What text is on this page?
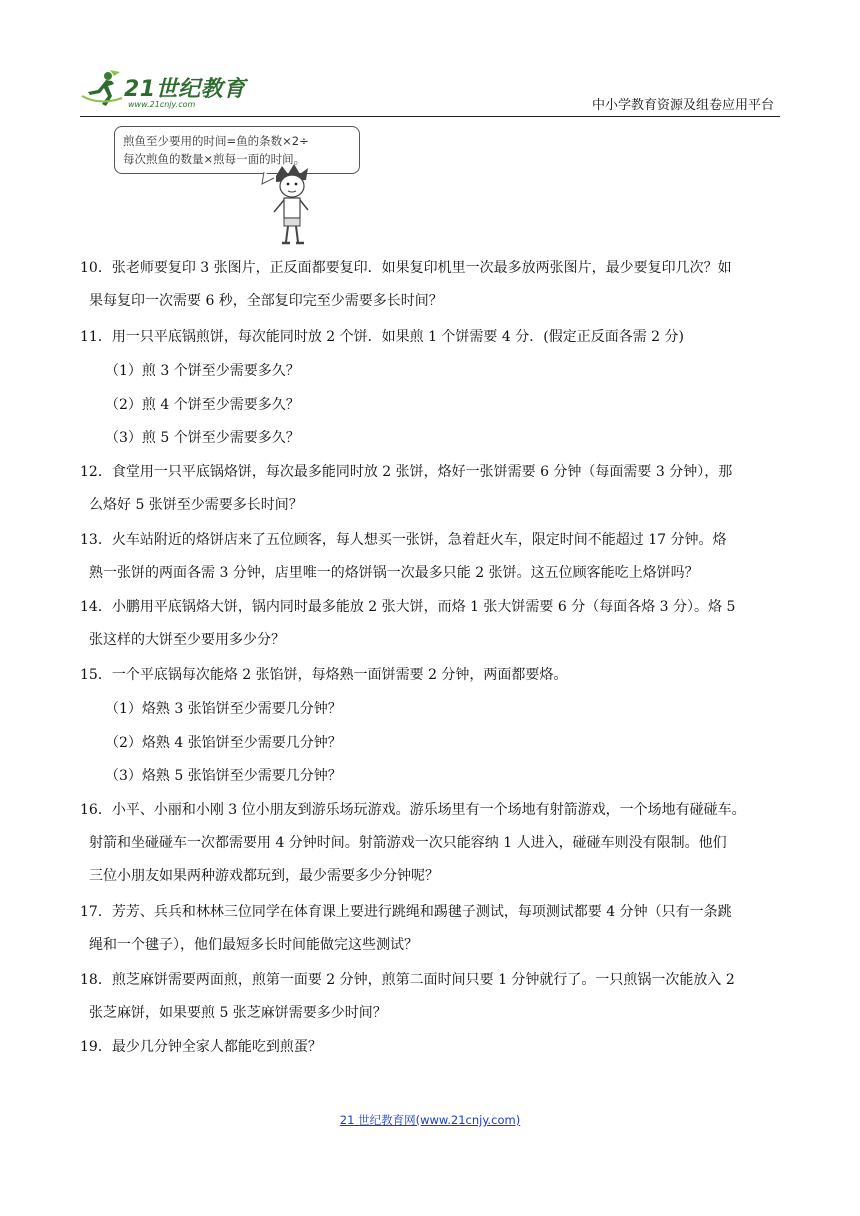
21世纪教育
www.21cnjy.com	中小学教育资源及组卷应用平台
煎鱼至少要用的时间=鱼的条数×2÷
每次煎鱼的数量×煎每一面的时间。
10．张老师要复印 3 张图片，正反面都要复印．如果复印机里一次最多放两张图片，最少要复印几次？如
果每复印一次需要 6 秒，全部复印完至少需要多长时间？
11．用一只平底锅煎饼，每次能同时放 2 个饼．如果煎 1 个饼需要 4 分．(假定正反面各需 2 分)
（1）煎 3 个饼至少需要多久？
（2）煎 4 个饼至少需要多久？
（3）煎 5 个饼至少需要多久？
12．食堂用一只平底锅烙饼，每次最多能同时放 2 张饼，烙好一张饼需要 6 分钟（每面需要 3 分钟），那
么烙好 5 张饼至少需要多长时间？
13．火车站附近的烙饼店来了五位顾客，每人想买一张饼，急着赶火车，限定时间不能超过 17 分钟。烙
熟一张饼的两面各需 3 分钟，店里唯一的烙饼锅一次最多只能 2 张饼。这五位顾客能吃上烙饼吗？
14．小鹏用平底锅烙大饼，锅内同时最多能放 2 张大饼，而烙 1 张大饼需要 6 分（每面各烙 3 分）。烙 5
张这样的大饼至少要用多少分？
15．一个平底锅每次能烙 2 张馅饼，每烙熟一面饼需要 2 分钟，两面都要烙。
（1）烙熟 3 张馅饼至少需要几分钟？
（2）烙熟 4 张馅饼至少需要几分钟？
（3）烙熟 5 张馅饼至少需要几分钟？
16．小平、小丽和小刚 3 位小朋友到游乐场玩游戏。游乐场里有一个场地有射箭游戏，一个场地有碰碰车。
射箭和坐碰碰车一次都需要用 4 分钟时间。射箭游戏一次只能容纳 1 人进入，碰碰车则没有限制。他们
三位小朋友如果两种游戏都玩到，最少需要多少分钟呢？
17．芳芳、兵兵和林林三位同学在体育课上要进行跳绳和踢毽子测试，每项测试都要 4 分钟（只有一条跳
绳和一个毽子），他们最短多长时间能做完这些测试？
18．煎芝麻饼需要两面煎，煎第一面要 2 分钟，煎第二面时间只要 1 分钟就行了。一只煎锅一次能放入 2
张芝麻饼，如果要煎 5 张芝麻饼需要多少时间？
19．最少几分钟全家人都能吃到煎蛋？
21 世纪教育网(www.21cnjy.com)
